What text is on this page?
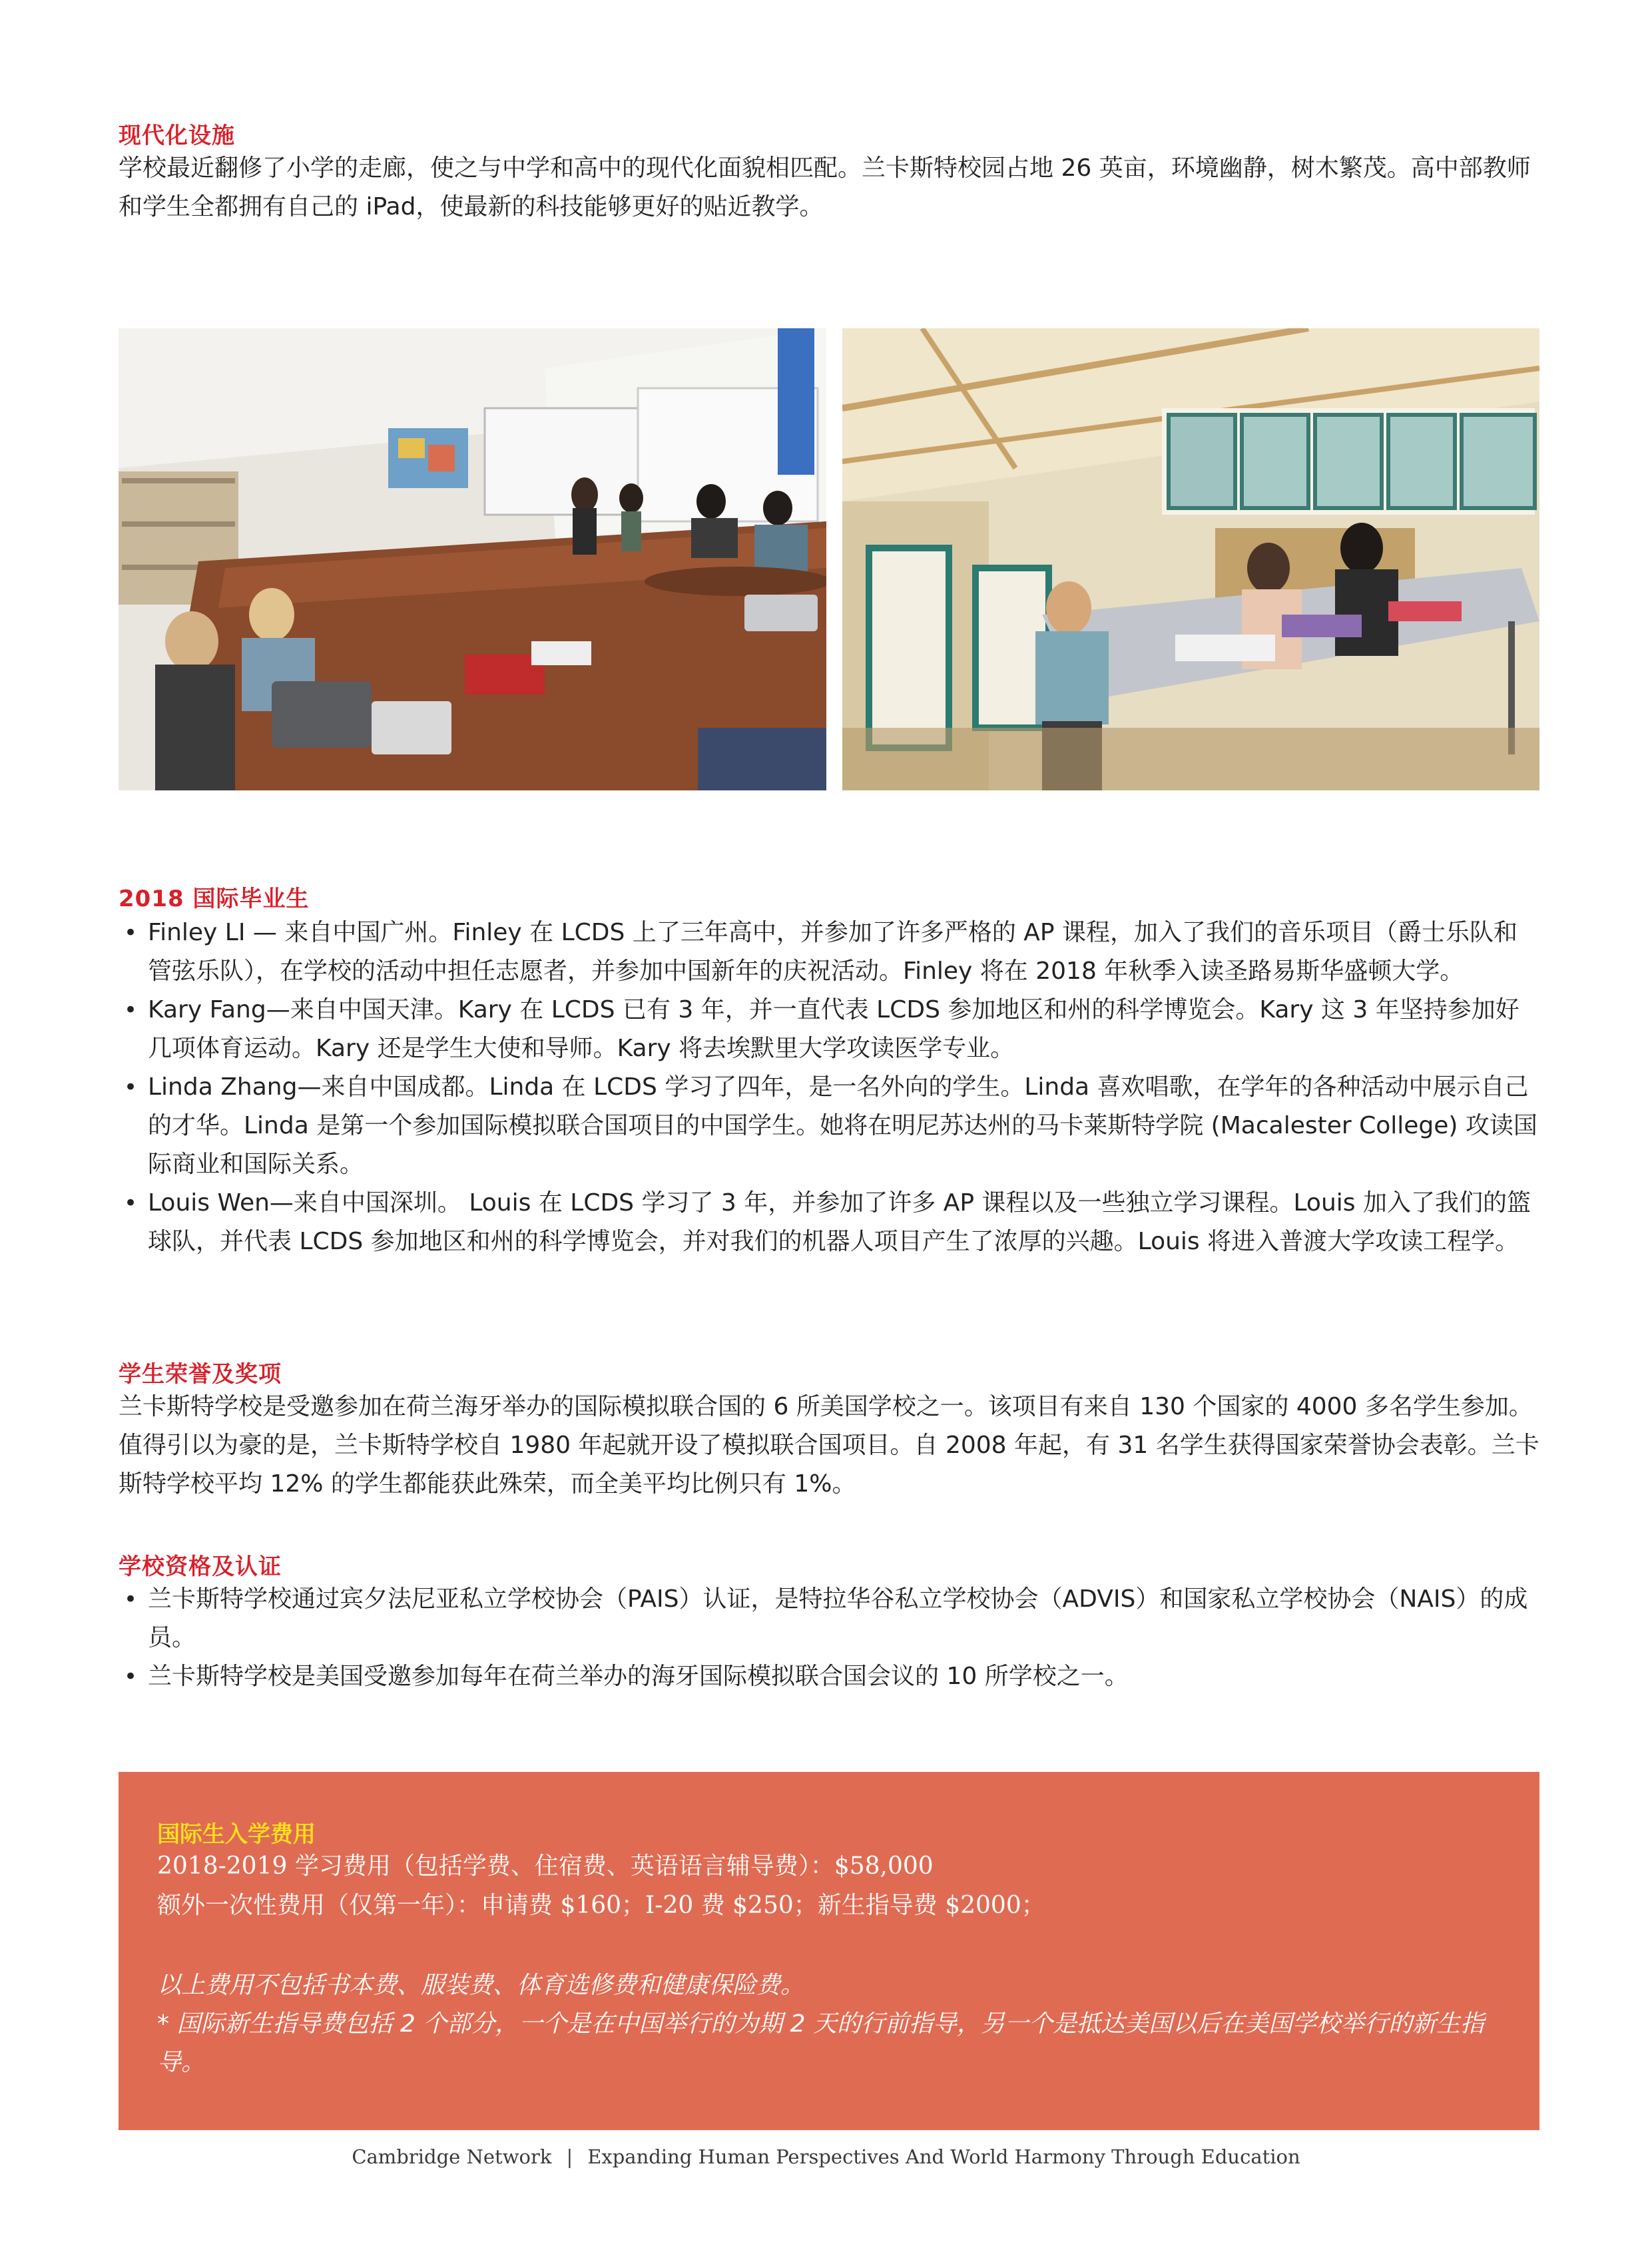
现代化设施
学校最近翻修了小学的走廊，使之与中学和高中的现代化面貌相匹配。兰卡斯特校园占地 26 英亩，环境幽静，树木繁茂。高中部教师和学生全都拥有自己的 iPad，使最新的科技能够更好的贴近教学。
2018 国际毕业生
• Finley LI — 来自中国广州。Finley 在 LCDS 上了三年高中，并参加了许多严格的 AP 课程，加入了我们的音乐项目（爵士乐队和管弦乐队），在学校的活动中担任志愿者，并参加中国新年的庆祝活动。Finley 将在 2018 年秋季入读圣路易斯华盛顿大学。
• Kary Fang—来自中国天津。Kary 在 LCDS 已有 3 年，并一直代表 LCDS 参加地区和州的科学博览会。Kary 这 3 年坚持参加好几项体育运动。Kary 还是学生大使和导师。Kary 将去埃默里大学攻读医学专业。
• Linda Zhang—来自中国成都。Linda 在 LCDS 学习了四年，是一名外向的学生。Linda 喜欢唱歌，在学年的各种活动中展示自己的才华。Linda 是第一个参加国际模拟联合国项目的中国学生。她将在明尼苏达州的马卡莱斯特学院 (Macalester College) 攻读国际商业和国际关系。
• Louis Wen—来自中国深圳。 Louis 在 LCDS 学习了 3 年，并参加了许多 AP 课程以及一些独立学习课程。Louis 加入了我们的篮球队，并代表 LCDS 参加地区和州的科学博览会，并对我们的机器人项目产生了浓厚的兴趣。Louis 将进入普渡大学攻读工程学。
学生荣誉及奖项
兰卡斯特学校是受邀参加在荷兰海牙举办的国际模拟联合国的 6 所美国学校之一。该项目有来自 130 个国家的 4000 多名学生参加。值得引以为豪的是，兰卡斯特学校自 1980 年起就开设了模拟联合国项目。自 2008 年起，有 31 名学生获得国家荣誉协会表彰。兰卡斯特学校平均 12% 的学生都能获此殊荣，而全美平均比例只有 1%。
学校资格及认证
• 兰卡斯特学校通过宾夕法尼亚私立学校协会（PAIS）认证，是特拉华谷私立学校协会（ADVIS）和国家私立学校协会（NAIS）的成员。
• 兰卡斯特学校是美国受邀参加每年在荷兰举办的海牙国际模拟联合国会议的 10 所学校之一。
国际生入学费用
2018-2019 学习费用（包括学费、住宿费、英语语言辅导费）：$58,000
额外一次性费用（仅第一年）：申请费 $160；I-20 费 $250；新生指导费 $2000；
以上费用不包括书本费、服装费、体育选修费和健康保险费。
* 国际新生指导费包括 2 个部分，一个是在中国举行的为期 2 天的行前指导，另一个是抵达美国以后在美国学校举行的新生指导。
Cambridge Network | Expanding Human Perspectives And World Harmony Through Education
